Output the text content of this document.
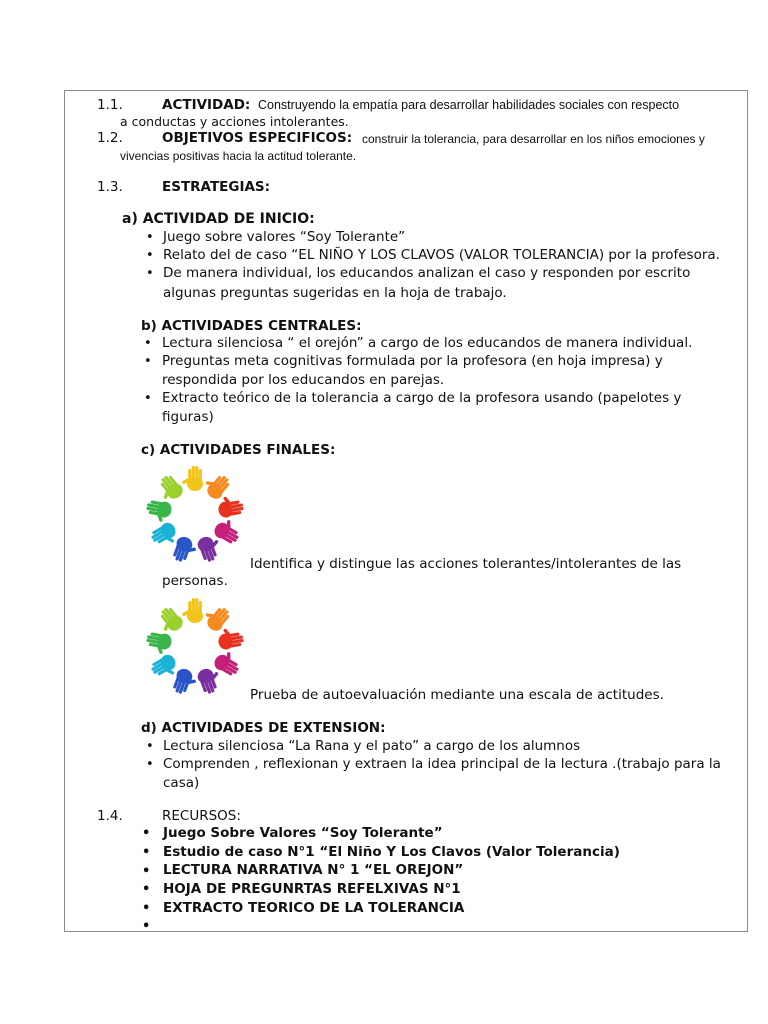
1.1.	ACTIVIDAD: Construyendo la empatía para desarrollar habilidades sociales con respecto
a conductas y acciones intolerantes.
1.2.	OBJETIVOS ESPECIFICOS: construir la tolerancia, para desarrollar en los niños emociones y
vivencias positivas hacia la actitud tolerante.
1.3.	ESTRATEGIAS:
a) ACTIVIDAD DE INICIO:
• Juego sobre valores “Soy Tolerante”
• Relato del de caso “EL NIÑO Y LOS CLAVOS (VALOR TOLERANCIA) por la profesora.
• De manera individual, los educandos analizan el caso y responden por escrito
algunas preguntas sugeridas en la hoja de trabajo.
b) ACTIVIDADES CENTRALES:
• Lectura silenciosa “ el orejón” a cargo de los educandos de manera individual.
• Preguntas meta cognitivas formulada por la profesora (en hoja impresa) y
respondida por los educandos en parejas.
• Extracto teórico de la tolerancia a cargo de la profesora usando (papelotes y
figuras)
c) ACTIVIDADES FINALES:
Identifica y distingue las acciones tolerantes/intolerantes de las
personas.
Prueba de autoevaluación mediante una escala de actitudes.
d) ACTIVIDADES DE EXTENSION:
• Lectura silenciosa “La Rana y el pato” a cargo de los alumnos
• Comprenden , reflexionan y extraen la idea principal de la lectura .(trabajo para la
casa)
1.4.	RECURSOS:
• Juego Sobre Valores “Soy Tolerante”
• Estudio de caso N°1 “El Niño Y Los Clavos (Valor Tolerancia)
• LECTURA NARRATIVA N° 1 “EL OREJON”
• HOJA DE PREGUNRTAS REFELXIVAS N°1
• EXTRACTO TEORICO DE LA TOLERANCIA
•
